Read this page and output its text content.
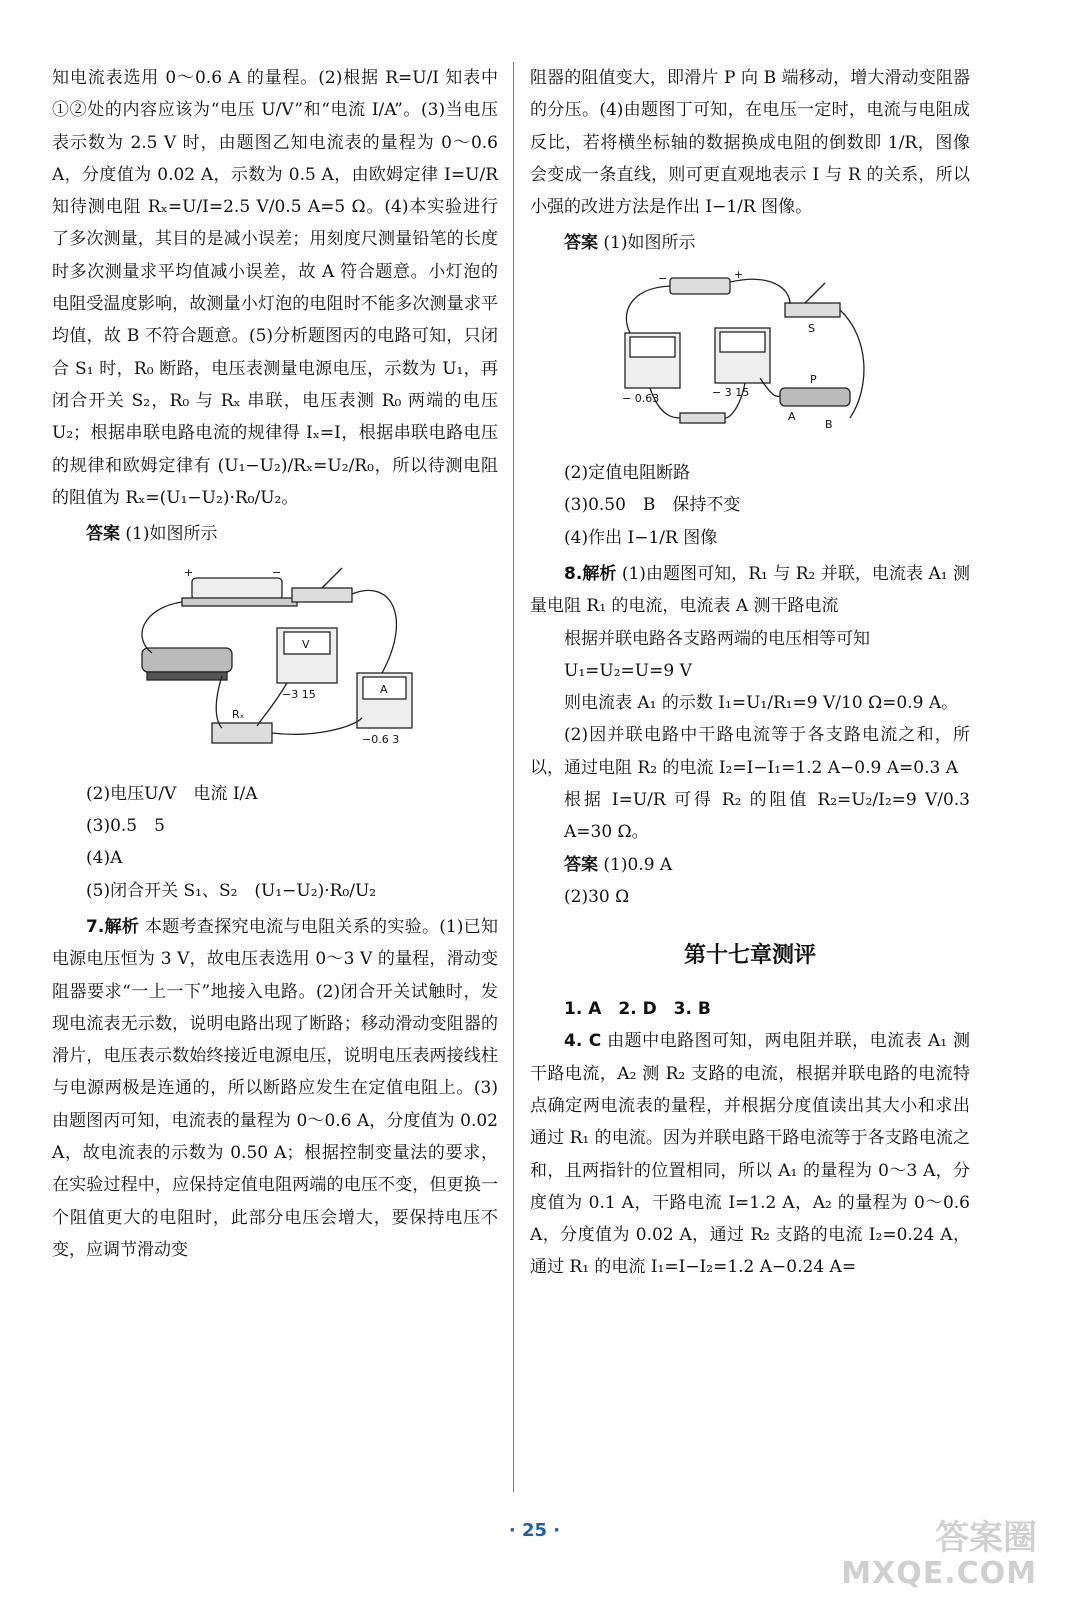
知电流表选用 0～0.6 A 的量程。(2)根据 R=U/I 知表中①②处的内容应该为“电压 U/V”和“电流 I/A”。(3)当电压表示数为 2.5 V 时，由题图乙知电流表的量程为 0～0.6 A，分度值为 0.02 A，示数为 0.5 A，由欧姆定律 I=U/R 知待测电阻 Rₓ=U/I=2.5 V/0.5 A=5 Ω。(4)本实验进行了多次测量，其目的是减小误差；用刻度尺测量铅笔的长度时多次测量求平均值减小误差，故 A 符合题意。小灯泡的电阻受温度影响，故测量小灯泡的电阻时不能多次测量求平均值，故 B 不符合题意。(5)分析题图丙的电路可知，只闭合 S₁ 时，R₀ 断路，电压表测量电源电压，示数为 U₁，再闭合开关 S₂，R₀ 与 Rₓ 串联，电压表测 R₀ 两端的电压 U₂；根据串联电路电流的规律得 Iₓ=I，根据串联电路电压的规律和欧姆定律有 (U₁−U₂)/Rₓ=U₂/R₀，所以待测电阻的阻值为 Rₓ=(U₁−U₂)·R₀/U₂。

答案 (1)如图所示

+	−
V
A
−3 15
−0.6 3
Rₓ

(2)电压U/V　电流 I/A

(3)0.5　5

(4)A

(5)闭合开关 S₁、S₂　(U₁−U₂)·R₀/U₂

7.解析 本题考查探究电流与电阻关系的实验。(1)已知电源电压恒为 3 V，故电压表选用 0～3 V 的量程，滑动变阻器要求“一上一下”地接入电路。(2)闭合开关试触时，发现电流表无示数，说明电路出现了断路；移动滑动变阻器的滑片，电压表示数始终接近电源电压，说明电压表两接线柱与电源两极是连通的，所以断路应发生在定值电阻上。(3)由题图丙可知，电流表的量程为 0～0.6 A，分度值为 0.02 A，故电流表的示数为 0.50 A；根据控制变量法的要求，在实验过程中，应保持定值电阻两端的电压不变，但更换一个阻值更大的电阻时，此部分电压会增大，要保持电压不变，应调节滑动变

阻器的阻值变大，即滑片 P 向 B 端移动，增大滑动变阻器的分压。(4)由题图丁可知，在电压一定时，电流与电阻成反比，若将横坐标轴的数据换成电阻的倒数即 1/R，图像会变成一条直线，则可更直观地表示 I 与 R 的关系，所以小强的改进方法是作出 I−1/R 图像。

答案 (1)如图所示

−	+
S
P
A
B
− 0.63	− 3 15

(2)定值电阻断路

(3)0.50　B　保持不变

(4)作出 I−1/R 图像

8.解析 (1)由题图可知，R₁ 与 R₂ 并联，电流表 A₁ 测量电阻 R₁ 的电流，电流表 A 测干路电流

根据并联电路各支路两端的电压相等可知

U₁=U₂=U=9 V

则电流表 A₁ 的示数 I₁=U₁/R₁=9 V/10 Ω=0.9 A。

(2)因并联电路中干路电流等于各支路电流之和，所以，通过电阻 R₂ 的电流 I₂=I−I₁=1.2 A−0.9 A=0.3 A

根据 I=U/R 可得 R₂ 的阻值 R₂=U₂/I₂=9 V/0.3 A=30 Ω。

答案 (1)0.9 A

(2)30 Ω

第十七章测评

1. A　2. D　3. B

4. C 由题中电路图可知，两电阻并联，电流表 A₁ 测干路电流，A₂ 测 R₂ 支路的电流，根据并联电路的电流特点确定两电流表的量程，并根据分度值读出其大小和求出通过 R₁ 的电流。因为并联电路干路电流等于各支路电流之和，且两指针的位置相同，所以 A₁ 的量程为 0～3 A，分度值为 0.1 A，干路电流 I=1.2 A，A₂ 的量程为 0～0.6 A，分度值为 0.02 A，通过 R₂ 支路的电流 I₂=0.24 A，通过 R₁ 的电流 I₁=I−I₂=1.2 A−0.24 A=

· 25 ·	答案圈
MXQE.COM
